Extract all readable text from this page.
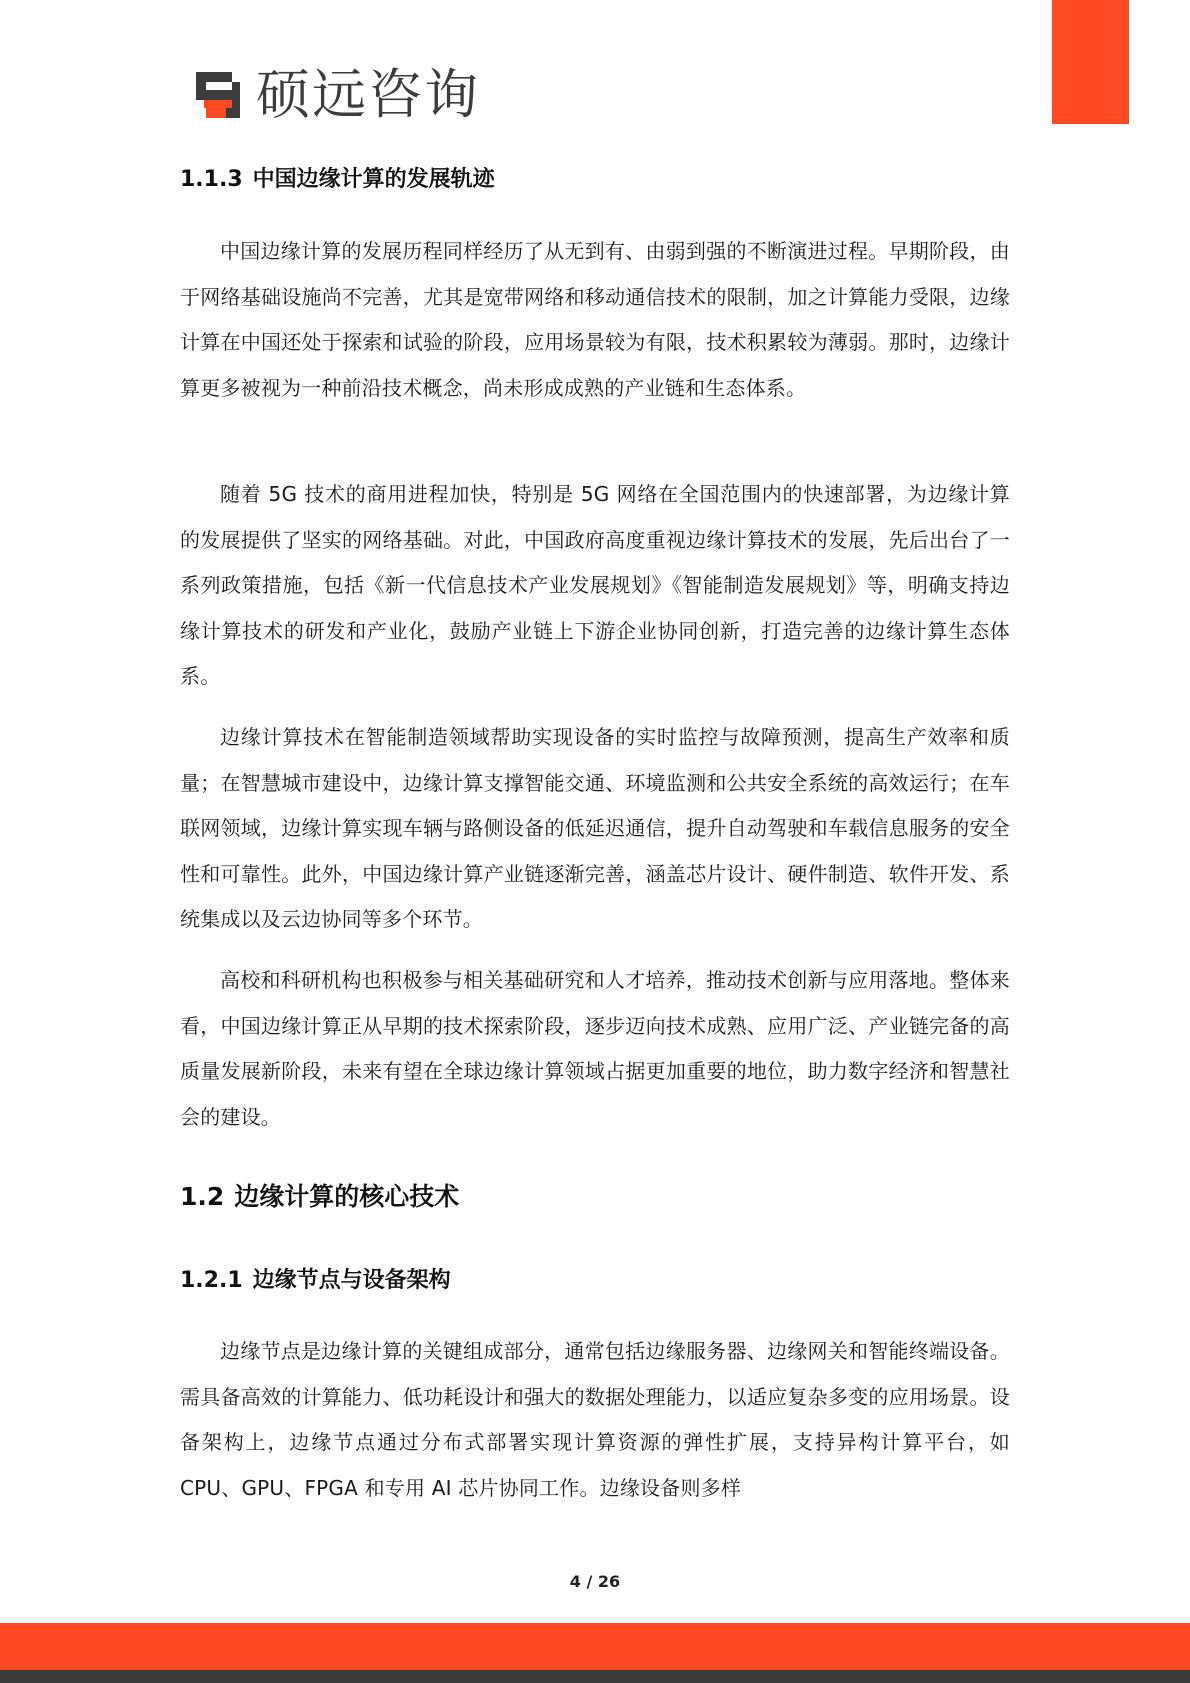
硕远咨询
1.1.3 中国边缘计算的发展轨迹

中国边缘计算的发展历程同样经历了从无到有、由弱到强的不断演进过程。早期阶段，由于网络基础设施尚不完善，尤其是宽带网络和移动通信技术的限制，加之计算能力受限，边缘计算在中国还处于探索和试验的阶段，应用场景较为有限，技术积累较为薄弱。那时，边缘计算更多被视为一种前沿技术概念，尚未形成成熟的产业链和生态体系。

随着 5G 技术的商用进程加快，特别是 5G 网络在全国范围内的快速部署，为边缘计算的发展提供了坚实的网络基础。对此，中国政府高度重视边缘计算技术的发展，先后出台了一系列政策措施，包括《新一代信息技术产业发展规划》《智能制造发展规划》等，明确支持边缘计算技术的研发和产业化，鼓励产业链上下游企业协同创新，打造完善的边缘计算生态体系。

边缘计算技术在智能制造领域帮助实现设备的实时监控与故障预测，提高生产效率和质量；在智慧城市建设中，边缘计算支撑智能交通、环境监测和公共安全系统的高效运行；在车联网领域，边缘计算实现车辆与路侧设备的低延迟通信，提升自动驾驶和车载信息服务的安全性和可靠性。此外，中国边缘计算产业链逐渐完善，涵盖芯片设计、硬件制造、软件开发、系统集成以及云边协同等多个环节。

高校和科研机构也积极参与相关基础研究和人才培养，推动技术创新与应用落地。整体来看，中国边缘计算正从早期的技术探索阶段，逐步迈向技术成熟、应用广泛、产业链完备的高质量发展新阶段，未来有望在全球边缘计算领域占据更加重要的地位，助力数字经济和智慧社会的建设。

1.2 边缘计算的核心技术
1.2.1 边缘节点与设备架构

边缘节点是边缘计算的关键组成部分，通常包括边缘服务器、边缘网关和智能终端设备。需具备高效的计算能力、低功耗设计和强大的数据处理能力，以适应复杂多变的应用场景。设备架构上，边缘节点通过分布式部署实现计算资源的弹性扩展，支持异构计算平台，如 CPU、GPU、FPGA 和专用 AI 芯片协同工作。边缘设备则多样

4 / 26
